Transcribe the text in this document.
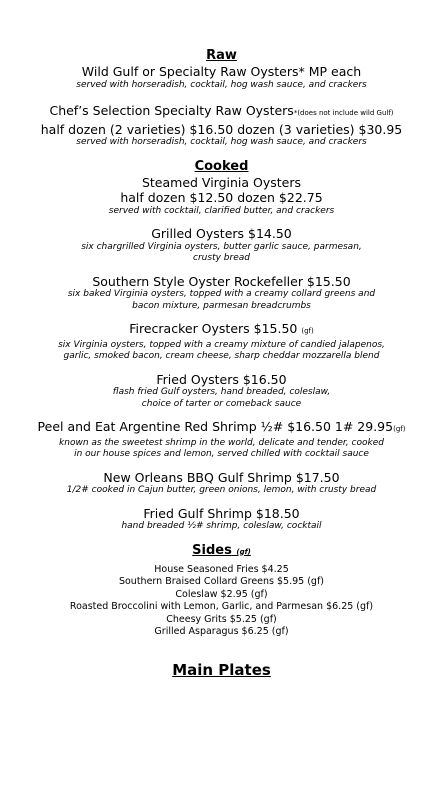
Raw
Wild Gulf or Specialty Raw Oysters* MP each
served with horseradish, cocktail, hog wash sauce, and crackers
Chef’s Selection Specialty Raw Oysters*(does not include wild Gulf)
half dozen (2 varieties) $16.50 dozen (3 varieties) $30.95
served with horseradish, cocktail, hog wash sauce, and crackers
Cooked
Steamed Virginia Oysters
half dozen $12.50 dozen $22.75
served with cocktail, clarified butter, and crackers
Grilled Oysters $14.50
six chargrilled Virginia oysters, butter garlic sauce, parmesan,
crusty bread
Southern Style Oyster Rockefeller $15.50
six baked Virginia oysters, topped with a creamy collard greens and
bacon mixture, parmesan breadcrumbs
Firecracker Oysters $15.50 (gf)
six Virginia oysters, topped with a creamy mixture of candied jalapenos,
garlic, smoked bacon, cream cheese, sharp cheddar mozzarella blend
Fried Oysters $16.50
flash fried Gulf oysters, hand breaded, coleslaw,
choice of tarter or comeback sauce
Peel and Eat Argentine Red Shrimp ½# $16.50 1# 29.95(gf)
known as the sweetest shrimp in the world, delicate and tender, cooked
in our house spices and lemon, served chilled with cocktail sauce
New Orleans BBQ Gulf Shrimp $17.50
1/2# cooked in Cajun butter, green onions, lemon, with crusty bread
Fried Gulf Shrimp $18.50
hand breaded ½# shrimp, coleslaw, cocktail
Sides (gf)
House Seasoned Fries $4.25
Southern Braised Collard Greens $5.95 (gf)
Coleslaw $2.95 (gf)
Roasted Broccolini with Lemon, Garlic, and Parmesan $6.25 (gf)
Cheesy Grits $5.25 (gf)
Grilled Asparagus $6.25 (gf)
Main Plates
